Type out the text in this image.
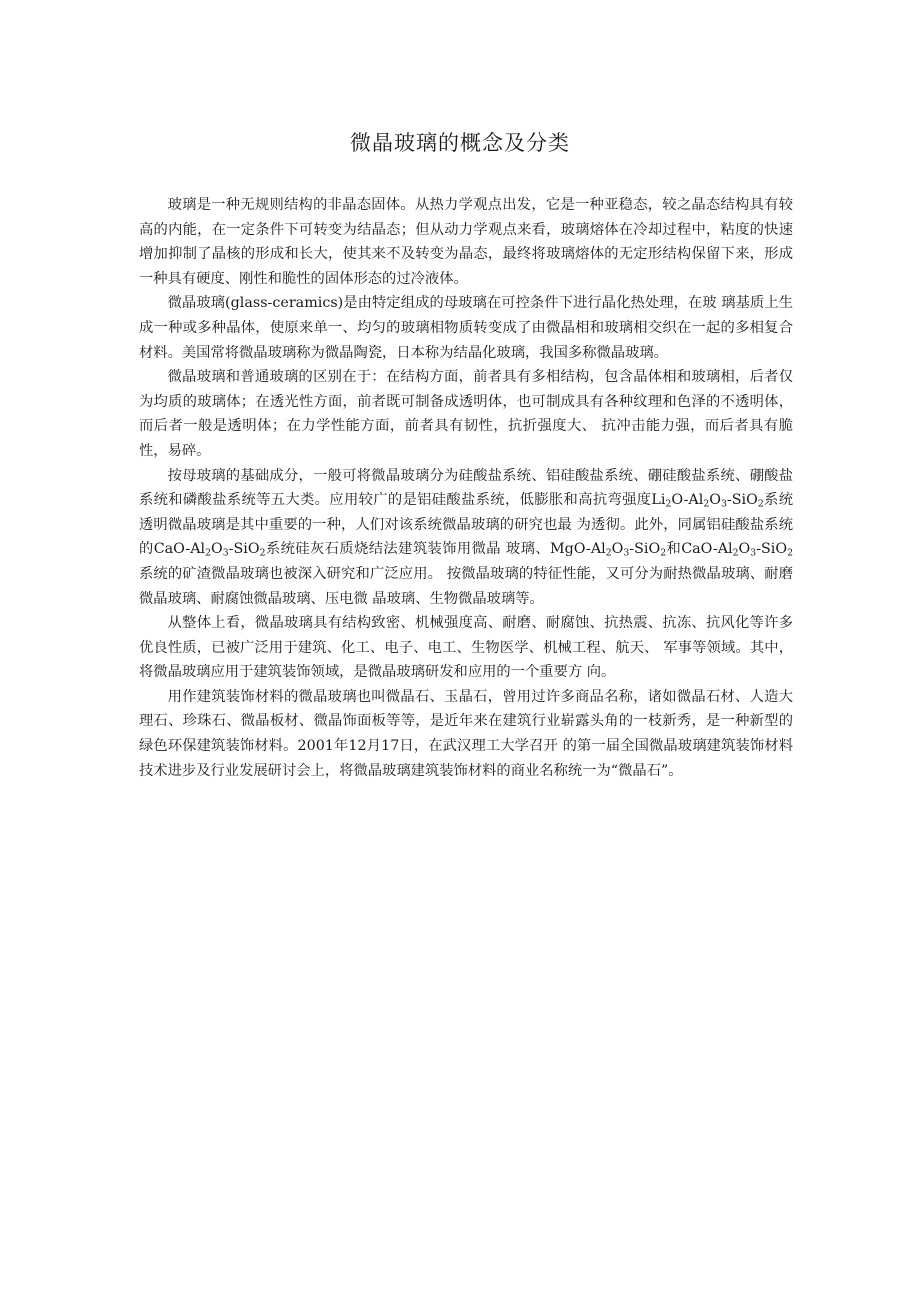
微晶玻璃的概念及分类

玻璃是一种无规则结构的非晶态固体。从热力学观点出发，它是一种亚稳态，较之晶态结构具有较高的内能，在一定条件下可转变为结晶态；但从动力学观点来看，玻璃熔体在冷却过程中，粘度的快速增加抑制了晶核的形成和长大，使其来不及转变为晶态，最终将玻璃熔体的无定形结构保留下来，形成一种具有硬度、刚性和脆性的固体形态的过冷液体。

微晶玻璃(glass-ceramics)是由特定组成的母玻璃在可控条件下进行晶化热处理，在玻 璃基质上生成一种或多种晶体，使原来单一、均匀的玻璃相物质转变成了由微晶相和玻璃相交织在一起的多相复合材料。美国常将微晶玻璃称为微晶陶瓷，日本称为结晶化玻璃，我国多称微晶玻璃。

微晶玻璃和普通玻璃的区别在于：在结构方面，前者具有多相结构，包含晶体相和玻璃相，后者仅为均质的玻璃体；在透光性方面，前者既可制备成透明体，也可制成具有各种纹理和色泽的不透明体，而后者一般是透明体；在力学性能方面，前者具有韧性，抗折强度大、 抗冲击能力强，而后者具有脆性，易碎。

按母玻璃的基础成分，一般可将微晶玻璃分为硅酸盐系统、铝硅酸盐系统、硼硅酸盐系统、硼酸盐系统和磷酸盐系统等五大类。应用较广的是铝硅酸盐系统，低膨胀和高抗弯强度$Li_2O-Al_2O_3-SiO_2$系统透明微晶玻璃是其中重要的一种，人们对该系统微晶玻璃的研究也最 为透彻。此外，同属铝硅酸盐系统的CaO-$Al_2O_3-SiO_2$系统硅灰石质烧结法建筑装饰用微晶 玻璃、MgO-$Al_2O_3-SiO_2$和CaO-$Al_2O_3-SiO_2$系统的矿渣微晶玻璃也被深入研究和广泛应用。 按微晶玻璃的特征性能，又可分为耐热微晶玻璃、耐磨微晶玻璃、耐腐蚀微晶玻璃、压电微 晶玻璃、生物微晶玻璃等。

从整体上看，微晶玻璃具有结构致密、机械强度高、耐磨、耐腐蚀、抗热震、抗冻、抗风化等许多优良性质，已被广泛用于建筑、化工、电子、电工、生物医学、机械工程、航天、 军事等领域。其中，将微晶玻璃应用于建筑装饰领域，是微晶玻璃研发和应用的一个重要方 向。

用作建筑装饰材料的微晶玻璃也叫微晶石、玉晶石，曾用过许多商品名称，诸如微晶石材、人造大理石、珍珠石、微晶板材、微晶饰面板等等，是近年来在建筑行业崭露头角的一枝新秀，是一种新型的绿色环保建筑装饰材料。2001年12月17日，在武汉理工大学召开 的第一届全国微晶玻璃建筑装饰材料技术进步及行业发展研讨会上，将微晶玻璃建筑装饰材料的商业名称统一为“微晶石”。
